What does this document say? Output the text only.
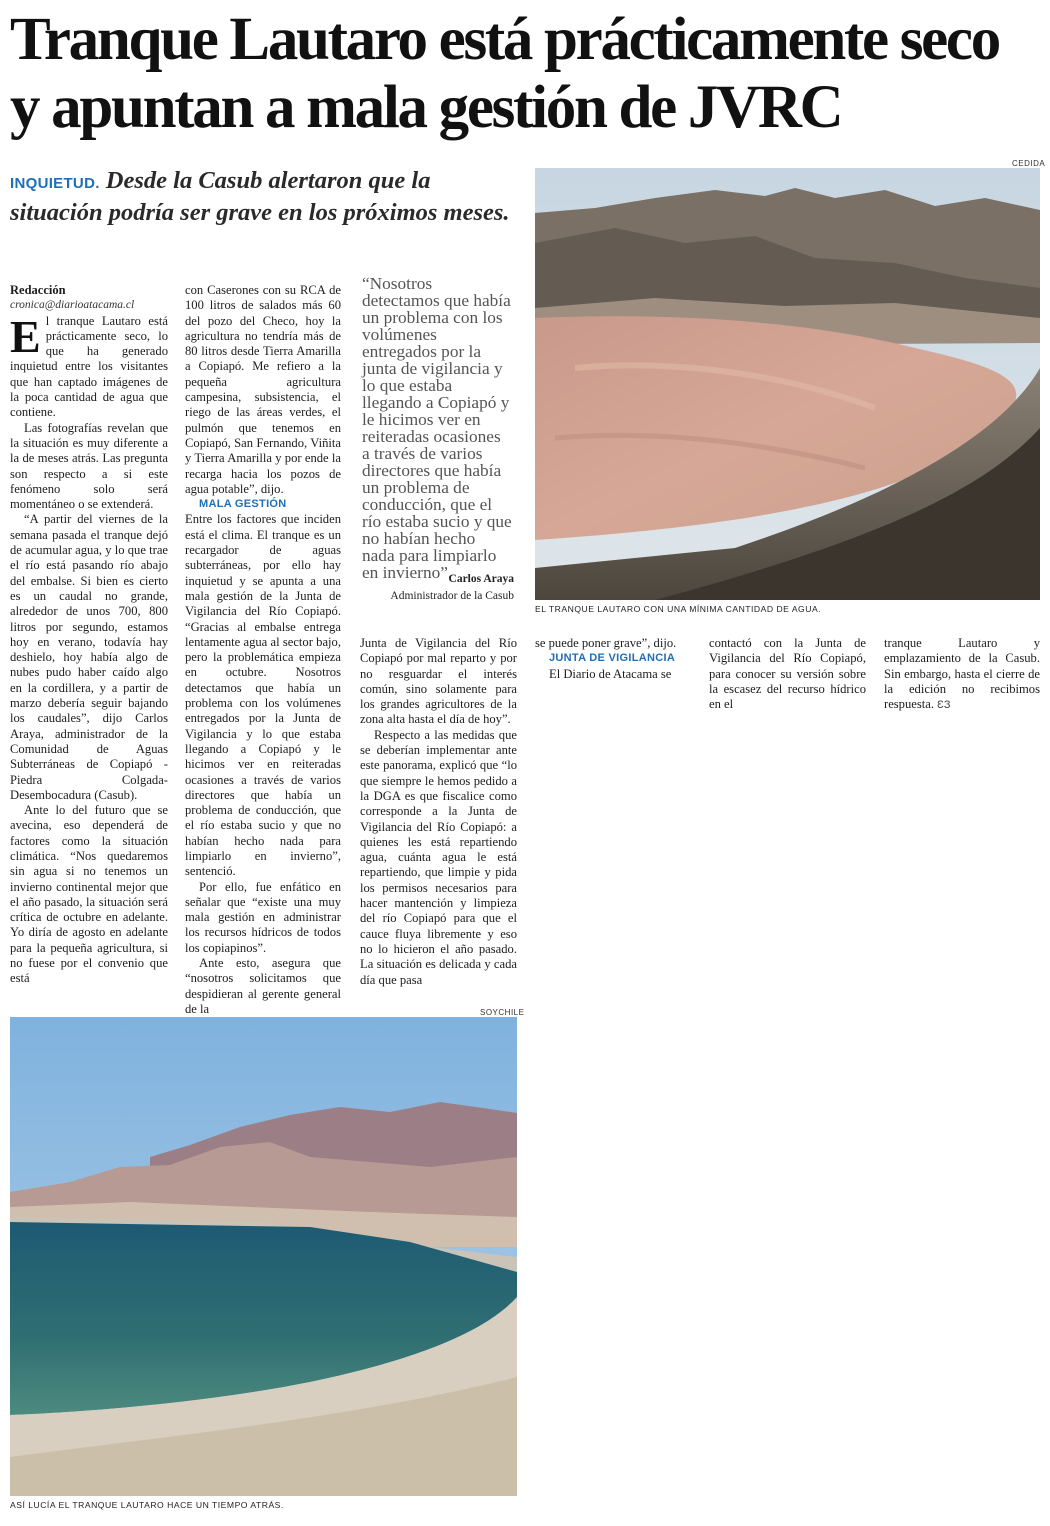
Tranque Lautaro está prácticamente seco y apuntan a mala gestión de JVRC
INQUIETUD. Desde la Casub alertaron que la situación podría ser grave en los próximos meses.

Redacción

cronica@diarioatacama.cl

El tranque Lautaro está prácticamente seco, lo que ha generado inquietud entre los visitantes que han captado imágenes de la poca cantidad de agua que contiene.

Las fotografías revelan que la situación es muy diferente a la de meses atrás. Las pregunta son respecto a si este fenómeno solo será momentáneo o se extenderá.

“A partir del viernes de la semana pasada el tranque dejó de acumular agua, y lo que trae el río está pasando río abajo del embalse. Si bien es cierto es un caudal no grande, alrededor de unos 700, 800 litros por segundo, estamos hoy en verano, todavía hay deshielo, hoy había algo de nubes pudo haber caído algo en la cordillera, y a partir de marzo debería seguir bajando los caudales”, dijo Carlos Araya, administrador de la Comunidad de Aguas Subterráneas de Copiapó -Piedra Colgada- Desembocadura (Casub).

Ante lo del futuro que se avecina, eso dependerá de factores como la situación climática. “Nos quedaremos sin agua si no tenemos un invierno continental mejor que el año pasado, la situación será crítica de octubre en adelante. Yo diría de agosto en adelante para la pequeña agricultura, si no fuese por el convenio que está

con Caserones con su RCA de 100 litros de salados más 60 del pozo del Checo, hoy la agricultura no tendría más de 80 litros desde Tierra Amarilla a Copiapó. Me refiero a la pequeña agricultura campesina, subsistencia, el riego de las áreas verdes, el pulmón que tenemos en Copiapó, San Fernando, Viñita y Tierra Amarilla y por ende la recarga hacia los pozos de agua potable”, dijo.

MALA GESTIÓN

Entre los factores que inciden está el clima. El tranque es un recargador de aguas subterráneas, por ello hay inquietud y se apunta a una mala gestión de la Junta de Vigilancia del Río Copiapó. “Gracias al embalse entrega lentamente agua al sector bajo, pero la problemática empieza en octubre. Nosotros detectamos que había un problema con los volúmenes entregados por la Junta de Vigilancia y lo que estaba llegando a Copiapó y le hicimos ver en reiteradas ocasiones a través de varios directores que había un problema de conducción, que el río estaba sucio y que no habían hecho nada para limpiarlo en invierno”, sentenció.

Por ello, fue enfático en señalar que “existe una muy mala gestión en administrar los recursos hídricos de todos los copiapinos”.

Ante esto, asegura que “nosotros solicitamos que despidieran al gerente general de la

“Nosotros detectamos que había un problema con los volúmenes entregados por la junta de vigilancia y lo que estaba llegando a Copiapó y le hicimos ver en reiteradas ocasiones a través de varios directores que había un problema de conducción, que el río estaba sucio y que no habían hecho nada para limpiarlo en invierno”.
Carlos Araya
Administrador de la Casub

Junta de Vigilancia del Río Copiapó por mal reparto y por no resguardar el interés común, sino solamente para los grandes agricultores de la zona alta hasta el día de hoy”.

Respecto a las medidas que se deberían implementar ante este panorama, explicó que “lo que siempre le hemos pedido a la DGA es que fiscalice como corresponde a la Junta de Vigilancia del Río Copiapó: a quienes les está repartiendo agua, cuánta agua le está repartiendo, que limpie y pida los permisos necesarios para hacer mantención y limpieza del río Copiapó para que el cauce fluya libremente y eso no lo hicieron el año pasado. La situación es delicada y cada día que pasa

se puede poner grave”, dijo.

JUNTA DE VIGILANCIA

El Diario de Atacama se

contactó con la Junta de Vigilancia del Río Copiapó, para conocer su versión sobre la escasez del recurso hídrico en el

tranque Lautaro y emplazamiento de la Casub. Sin embargo, hasta el cierre de la edición no recibimos respuesta. ƐЗ

CEDIDA
EL TRANQUE LAUTARO CON UNA MÍNIMA CANTIDAD DE AGUA.
SOYCHILE
ASÍ LUCÍA EL TRANQUE LAUTARO HACE UN TIEMPO ATRÁS.
